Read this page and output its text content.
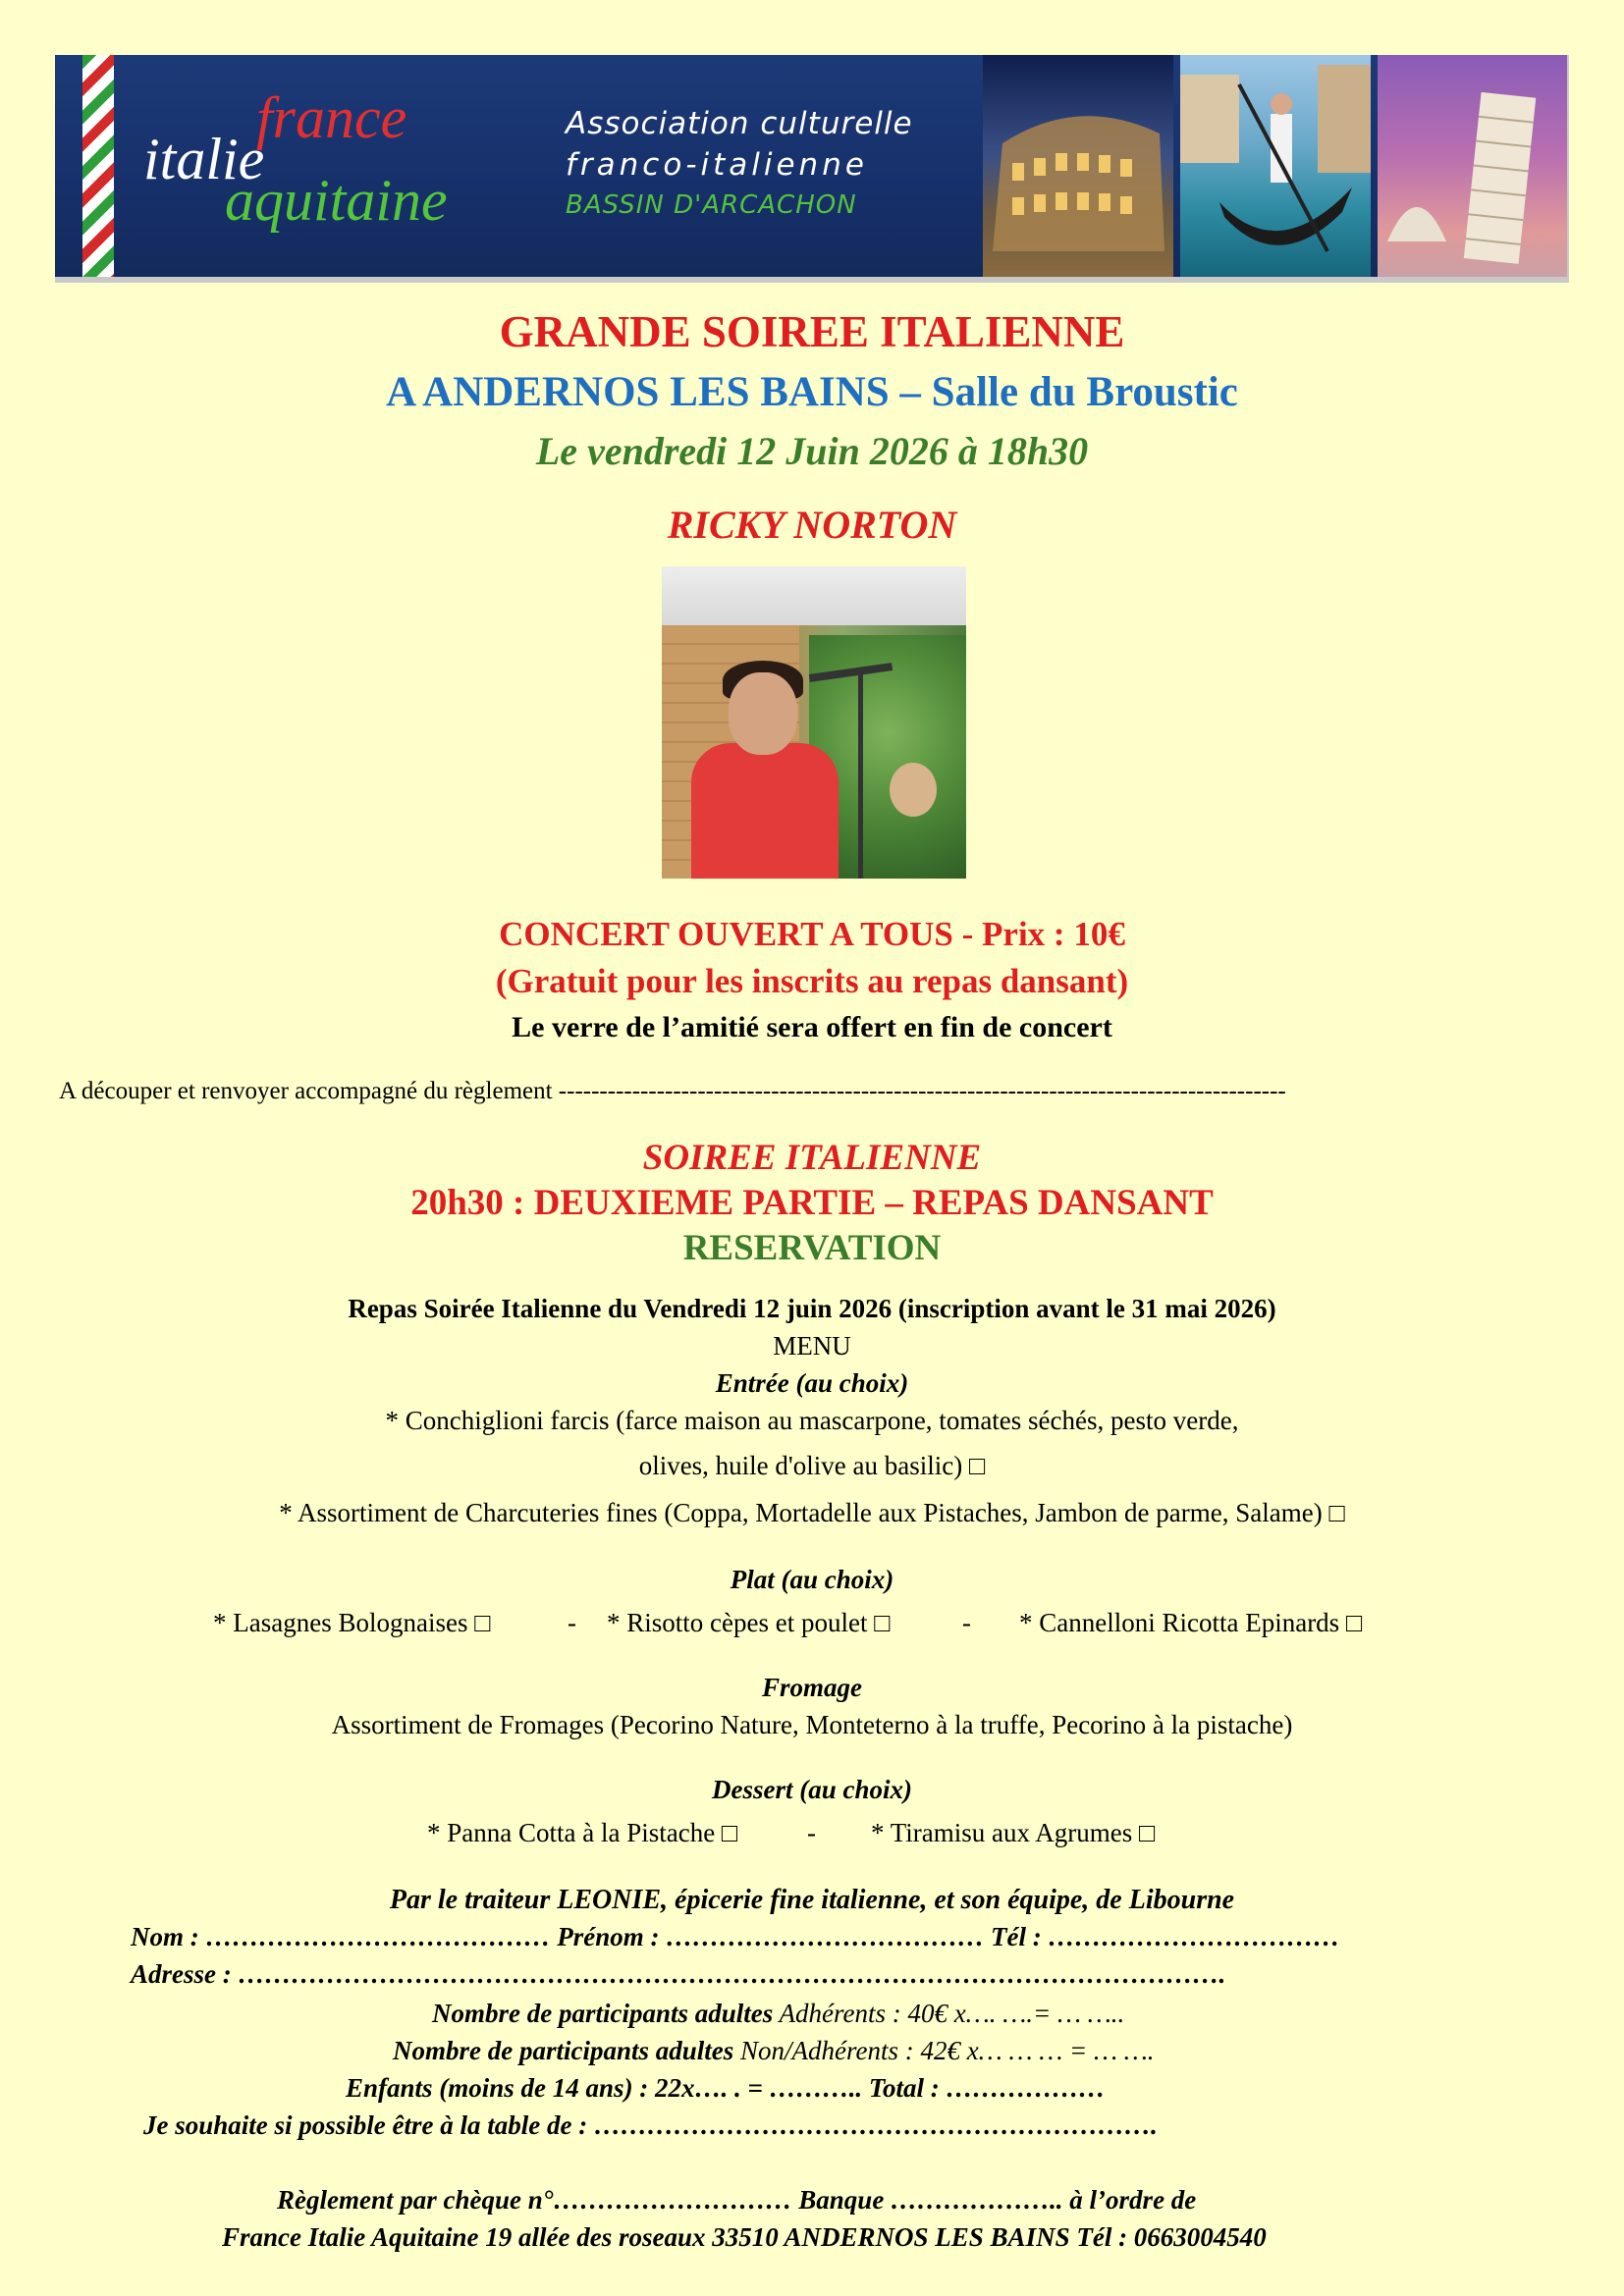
france
italie
aquitaine
Association culturelle
franco-italienne
BASSIN D'ARCACHON
GRANDE SOIREE ITALIENNE
A ANDERNOS LES BAINS – Salle du Broustic
Le vendredi 12 Juin 2026 à 18h30
RICKY NORTON
CONCERT OUVERT A TOUS - Prix : 10€
(Gratuit pour les inscrits au repas dansant)
Le verre de l’amitié sera offert en fin de concert
A découper et renvoyer accompagné du règlement -----------------------------------------------------------------------------------------
SOIREE ITALIENNE
20h30 : DEUXIEME PARTIE – REPAS DANSANT
RESERVATION
Repas Soirée Italienne du Vendredi 12 juin 2026 (inscription avant le 31 mai 2026)
MENU
Entrée (au choix)
* Conchiglioni farcis (farce maison au mascarpone, tomates séchés, pesto verde,
olives, huile d'olive au basilic) □
* Assortiment de Charcuteries fines (Coppa, Mortadelle aux Pistaches, Jambon de parme, Salame) □
Plat (au choix)
* Lasagnes Bolognaises □	- * Risotto cèpes et poulet □	- * Cannelloni Ricotta Epinards □
Fromage
Assortiment de Fromages (Pecorino Nature, Monteterno à la truffe, Pecorino à la pistache)
Dessert (au choix)
* Panna Cotta à la Pistache □	- * Tiramisu aux Agrumes □
Par le traiteur LEONIE, épicerie fine italienne, et son équipe, de Libourne
Nom : ………………………………… Prénom : ……………………………… Tél : ……………………………
Adresse : ………………………………………………………………………………………………….
Nombre de participants adultes Adhérents : 40€ x…. ….= … …..
Nombre de participants adultes Non/Adhérents : 42€ x… … … = … ….
Enfants (moins de 14 ans) : 22x…. . = ……….. Total : ………………
Je souhaite si possible être à la table de : ……………………………………………………….
Règlement par chèque n°……………………… Banque ……………….. à l’ordre de
France Italie Aquitaine 19 allée des roseaux 33510 ANDERNOS LES BAINS Tél : 0663004540
